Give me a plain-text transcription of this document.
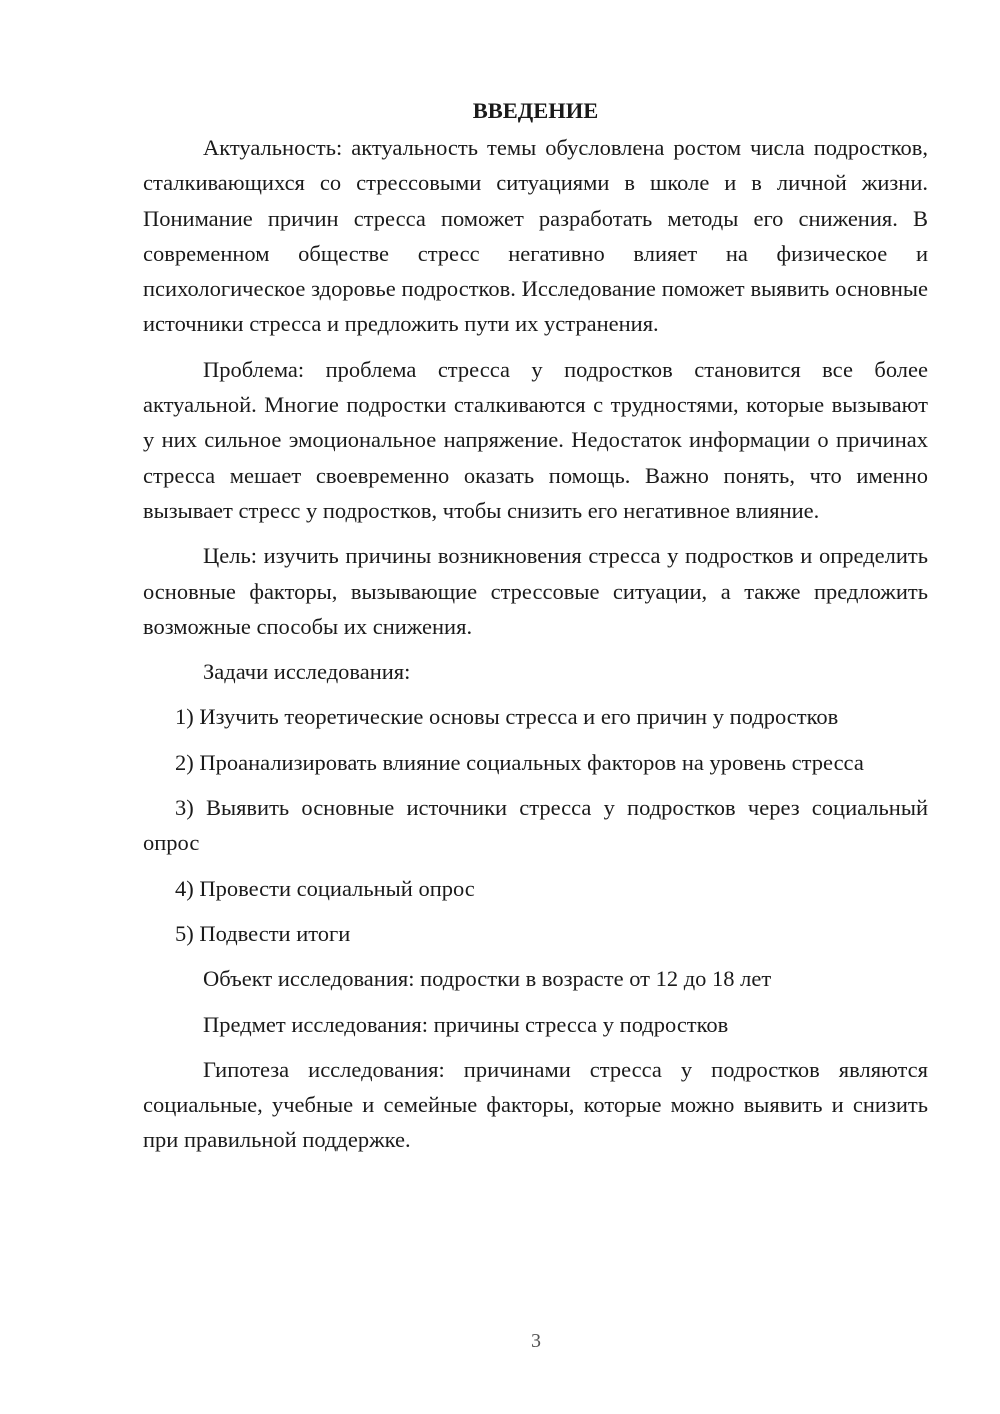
ВВЕДЕНИЕ

Актуальность: актуальность темы обусловлена ростом числа подростков, сталкивающихся со стрессовыми ситуациями в школе и в личной жизни. Понимание причин стресса поможет разработать методы его снижения. В современном обществе стресс негативно влияет на физическое и психологическое здоровье подростков. Исследование поможет выявить основные источники стресса и предложить пути их устранения.

Проблема: проблема стресса у подростков становится все более актуальной. Многие подростки сталкиваются с трудностями, которые вызывают у них сильное эмоциональное напряжение. Недостаток информации о причинах стресса мешает своевременно оказать помощь. Важно понять, что именно вызывает стресс у подростков, чтобы снизить его негативное влияние.

Цель: изучить причины возникновения стресса у подростков и определить основные факторы, вызывающие стрессовые ситуации, а также предложить возможные способы их снижения.

Задачи исследования:

1) Изучить теоретические основы стресса и его причин у подростков

2) Проанализировать влияние социальных факторов на уровень стресса

3) Выявить основные источники стресса у подростков через социальный опрос

4) Провести социальный опрос

5) Подвести итоги

Объект исследования: подростки в возрасте от 12 до 18 лет

Предмет исследования: причины стресса у подростков

Гипотеза исследования: причинами стресса у подростков являются социальные, учебные и семейные факторы, которые можно выявить и снизить при правильной поддержке.

3
